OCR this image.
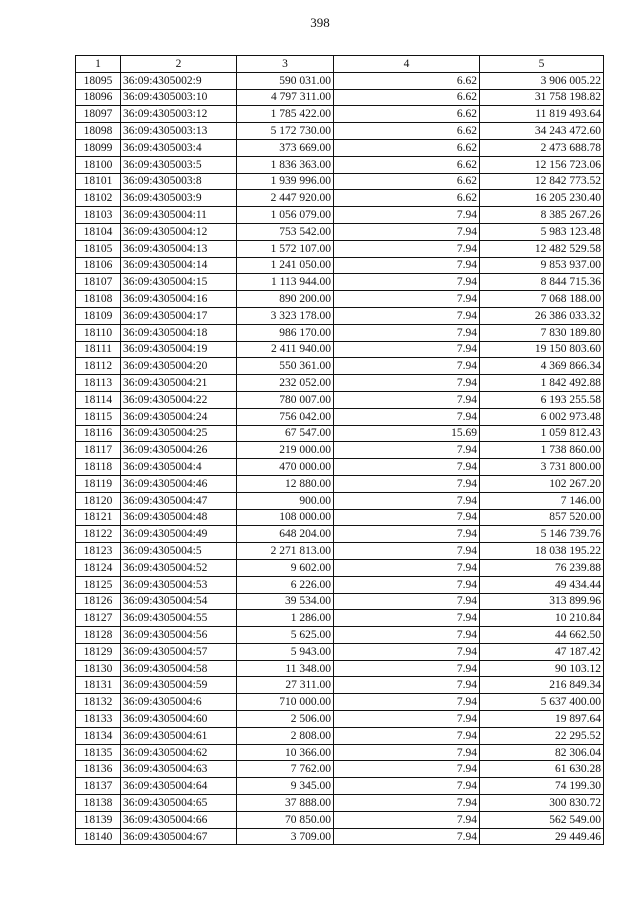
398
1	2	3	4	5
18095	36:09:4305002:9	590 031.00	6.62	3 906 005.22
18096	36:09:4305003:10	4 797 311.00	6.62	31 758 198.82
18097	36:09:4305003:12	1 785 422.00	6.62	11 819 493.64
18098	36:09:4305003:13	5 172 730.00	6.62	34 243 472.60
18099	36:09:4305003:4	373 669.00	6.62	2 473 688.78
18100	36:09:4305003:5	1 836 363.00	6.62	12 156 723.06
18101	36:09:4305003:8	1 939 996.00	6.62	12 842 773.52
18102	36:09:4305003:9	2 447 920.00	6.62	16 205 230.40
18103	36:09:4305004:11	1 056 079.00	7.94	8 385 267.26
18104	36:09:4305004:12	753 542.00	7.94	5 983 123.48
18105	36:09:4305004:13	1 572 107.00	7.94	12 482 529.58
18106	36:09:4305004:14	1 241 050.00	7.94	9 853 937.00
18107	36:09:4305004:15	1 113 944.00	7.94	8 844 715.36
18108	36:09:4305004:16	890 200.00	7.94	7 068 188.00
18109	36:09:4305004:17	3 323 178.00	7.94	26 386 033.32
18110	36:09:4305004:18	986 170.00	7.94	7 830 189.80
18111	36:09:4305004:19	2 411 940.00	7.94	19 150 803.60
18112	36:09:4305004:20	550 361.00	7.94	4 369 866.34
18113	36:09:4305004:21	232 052.00	7.94	1 842 492.88
18114	36:09:4305004:22	780 007.00	7.94	6 193 255.58
18115	36:09:4305004:24	756 042.00	7.94	6 002 973.48
18116	36:09:4305004:25	67 547.00	15.69	1 059 812.43
18117	36:09:4305004:26	219 000.00	7.94	1 738 860.00
18118	36:09:4305004:4	470 000.00	7.94	3 731 800.00
18119	36:09:4305004:46	12 880.00	7.94	102 267.20
18120	36:09:4305004:47	900.00	7.94	7 146.00
18121	36:09:4305004:48	108 000.00	7.94	857 520.00
18122	36:09:4305004:49	648 204.00	7.94	5 146 739.76
18123	36:09:4305004:5	2 271 813.00	7.94	18 038 195.22
18124	36:09:4305004:52	9 602.00	7.94	76 239.88
18125	36:09:4305004:53	6 226.00	7.94	49 434.44
18126	36:09:4305004:54	39 534.00	7.94	313 899.96
18127	36:09:4305004:55	1 286.00	7.94	10 210.84
18128	36:09:4305004:56	5 625.00	7.94	44 662.50
18129	36:09:4305004:57	5 943.00	7.94	47 187.42
18130	36:09:4305004:58	11 348.00	7.94	90 103.12
18131	36:09:4305004:59	27 311.00	7.94	216 849.34
18132	36:09:4305004:6	710 000.00	7.94	5 637 400.00
18133	36:09:4305004:60	2 506.00	7.94	19 897.64
18134	36:09:4305004:61	2 808.00	7.94	22 295.52
18135	36:09:4305004:62	10 366.00	7.94	82 306.04
18136	36:09:4305004:63	7 762.00	7.94	61 630.28
18137	36:09:4305004:64	9 345.00	7.94	74 199.30
18138	36:09:4305004:65	37 888.00	7.94	300 830.72
18139	36:09:4305004:66	70 850.00	7.94	562 549.00
18140	36:09:4305004:67	3 709.00	7.94	29 449.46
